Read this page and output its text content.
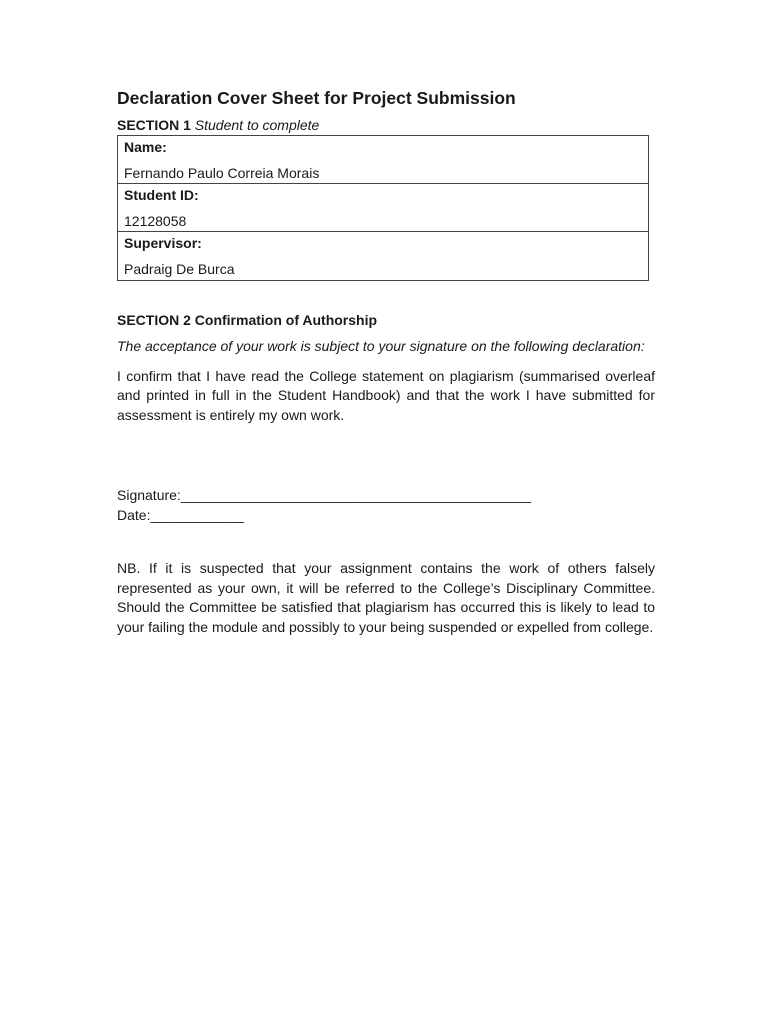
Declaration Cover Sheet for Project Submission
SECTION 1 Student to complete
Name:
Fernando Paulo Correia Morais
Student ID:
12128058
Supervisor:
Padraig De Burca
SECTION 2 Confirmation of Authorship
The acceptance of your work is subject to your signature on the following declaration:
I confirm that I have read the College statement on plagiarism (summarised overleaf and printed in full in the Student Handbook) and that the work I have submitted for assessment is entirely my own work.
Signature:_____________________________________________
Date:____________
NB. If it is suspected that your assignment contains the work of others falsely represented as your own, it will be referred to the College’s Disciplinary Committee. Should the Committee be satisfied that plagiarism has occurred this is likely to lead to your failing the module and possibly to your being suspended or expelled from college.
